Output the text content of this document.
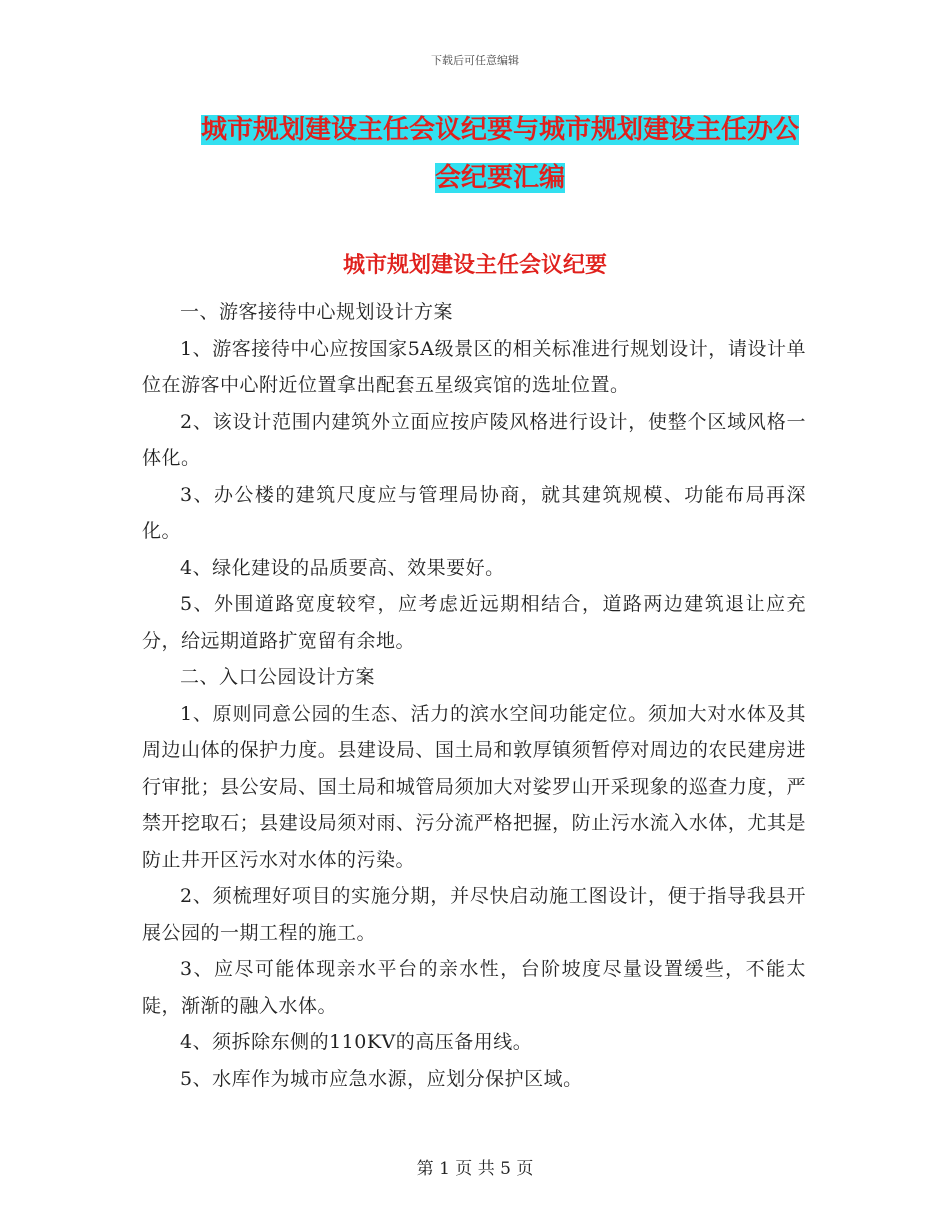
下载后可任意编辑
城市规划建设主任会议纪要与城市规划建设主任办公
会纪要汇编
城市规划建设主任会议纪要

一、游客接待中心规划设计方案

1、游客接待中心应按国家5A级景区的相关标准进行规划设计，请设计单位在游客中心附近位置拿出配套五星级宾馆的选址位置。

2、该设计范围内建筑外立面应按庐陵风格进行设计，使整个区域风格一体化。

3、办公楼的建筑尺度应与管理局协商，就其建筑规模、功能布局再深化。

4、绿化建设的品质要高、效果要好。

5、外围道路宽度较窄，应考虑近远期相结合，道路两边建筑退让应充分，给远期道路扩宽留有余地。

二、入口公园设计方案

1、原则同意公园的生态、活力的滨水空间功能定位。须加大对水体及其周边山体的保护力度。县建设局、国土局和敦厚镇须暂停对周边的农民建房进行审批；县公安局、国土局和城管局须加大对娑罗山开采现象的巡查力度，严禁开挖取石；县建设局须对雨、污分流严格把握，防止污水流入水体，尤其是防止井开区污水对水体的污染。

2、须梳理好项目的实施分期，并尽快启动施工图设计，便于指导我县开展公园的一期工程的施工。

3、应尽可能体现亲水平台的亲水性，台阶坡度尽量设置缓些，不能太陡，渐渐的融入水体。

4、须拆除东侧的110KV的高压备用线。

5、水库作为城市应急水源，应划分保护区域。

第 1 页 共 5 页
